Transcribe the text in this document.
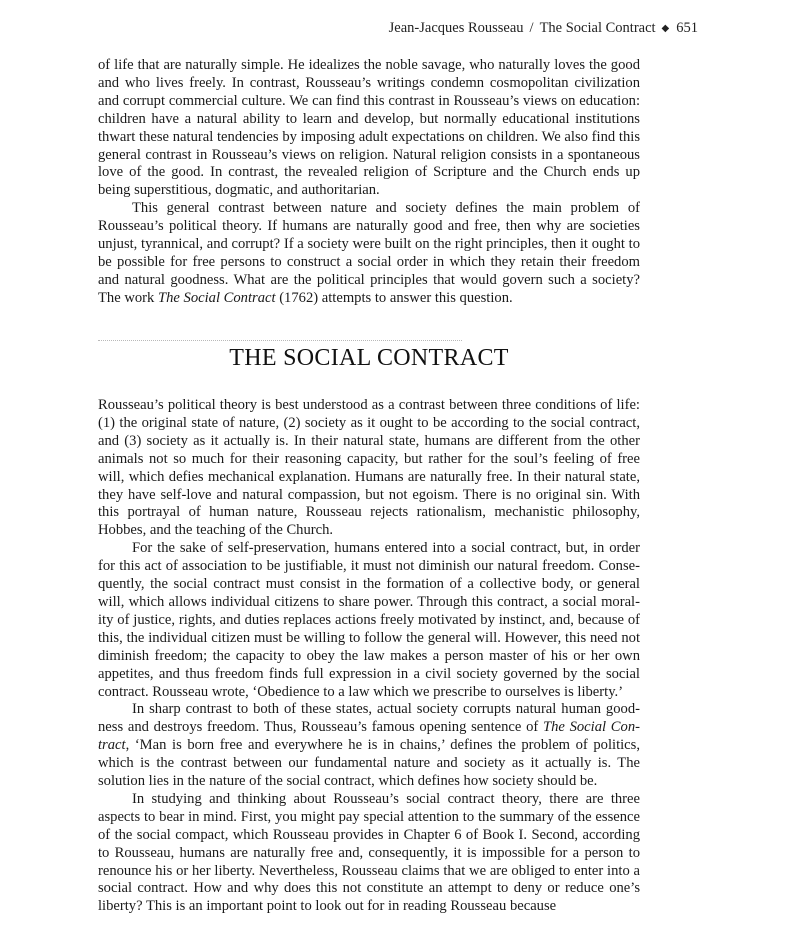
Jean-Jacques Rousseau / The Social Contract ◆ 651

of life that are naturally simple. He idealizes the noble savage, who naturally loves the good and who lives freely. In contrast, Rousseau’s writings condemn cosmopolitan civilization and corrupt commercial culture. We can find this contrast in Rousseau’s views on education: children have a natural ability to learn and develop, but normally educational institutions thwart these natural tendencies by imposing adult expectations on children. We also find this general contrast in Rousseau’s views on religion. Natural religion consists in a spontaneous love of the good. In contrast, the revealed religion of Scripture and the Church ends up being superstitious, dogmatic, and authoritarian.

This general contrast between nature and society defines the main problem of Rousseau’s political theory. If humans are naturally good and free, then why are societies unjust, tyrannical, and corrupt? If a society were built on the right principles, then it ought to be possible for free persons to construct a social order in which they retain their freedom and natural goodness. What are the political principles that would govern such a society? The work The Social Contract (1762) attempts to answer this question.

THE SOCIAL CONTRACT

Rousseau’s political theory is best understood as a contrast between three conditions of life: (1) the original state of nature, (2) society as it ought to be according to the social contract, and (3) society as it actually is. In their natural state, humans are different from the other animals not so much for their reasoning capacity, but rather for the soul’s feeling of free will, which defies mechanical explanation. Humans are naturally free. In their natural state, they have self-love and natural compassion, but not egoism. There is no original sin. With this portrayal of human nature, Rousseau rejects rationalism, mechanistic philosophy, Hobbes, and the teaching of the Church.

For the sake of self-preservation, humans entered into a social contract, but, in order for this act of association to be justifiable, it must not diminish our natural freedom. Consequently, the social contract must consist in the formation of a collective body, or general will, which allows individual citizens to share power. Through this contract, a social morality of justice, rights, and duties replaces actions freely motivated by instinct, and, because of this, the individual citizen must be willing to follow the general will. However, this need not diminish freedom; the capacity to obey the law makes a person master of his or her own appetites, and thus freedom finds full expression in a civil society governed by the social contract. Rousseau wrote, ‘Obedience to a law which we prescribe to ourselves is liberty.’

In sharp contrast to both of these states, actual society corrupts natural human goodness and destroys freedom. Thus, Rousseau’s famous opening sentence of The Social Contract, ‘Man is born free and everywhere he is in chains,’ defines the problem of politics, which is the contrast between our fundamental nature and society as it actually is. The solution lies in the nature of the social contract, which defines how society should be.

In studying and thinking about Rousseau’s social contract theory, there are three aspects to bear in mind. First, you might pay special attention to the summary of the essence of the social compact, which Rousseau provides in Chapter 6 of Book I. Second, according to Rousseau, humans are naturally free and, consequently, it is impossible for a person to renounce his or her liberty. Nevertheless, Rousseau claims that we are obliged to enter into a social contract. How and why does this not constitute an attempt to deny or reduce one’s liberty? This is an important point to look out for in reading Rousseau because
